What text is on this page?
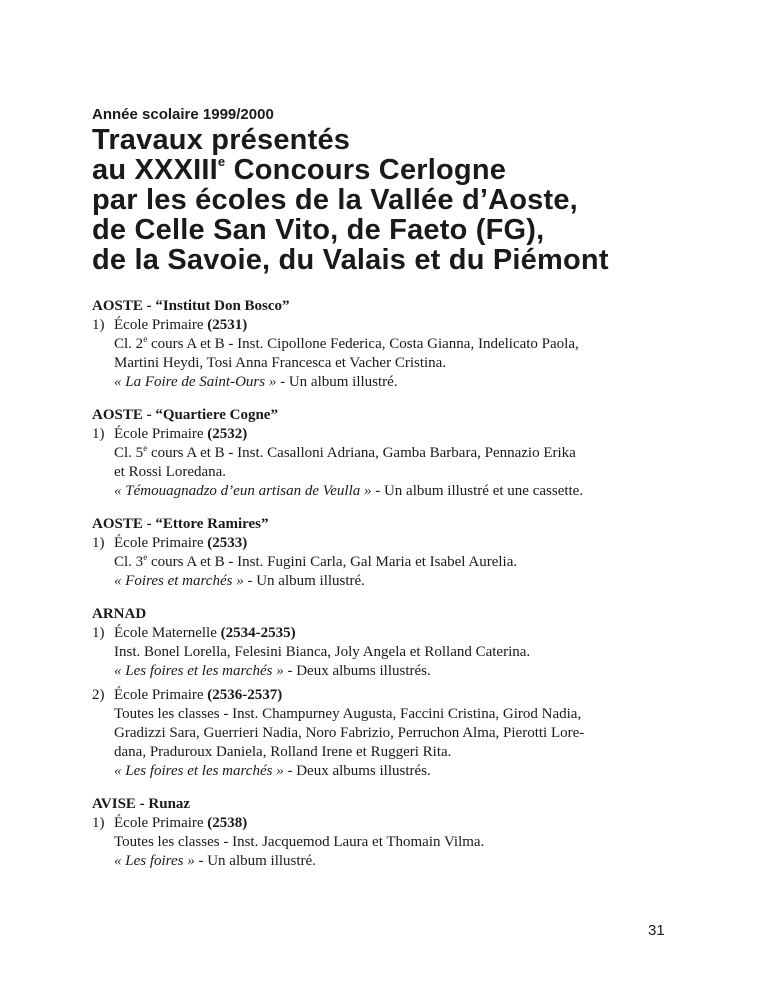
Année scolaire 1999/2000
Travaux présentés
au XXXIIIe Concours Cerlogne
par les écoles de la Vallée d’Aoste,
de Celle San Vito, de Faeto (FG),
de la Savoie, du Valais et du Piémont
AOSTE - “Institut Don Bosco”
1) École Primaire (2531)
Cl. 2e cours A et B - Inst. Cipollone Federica, Costa Gianna, Indelicato Paola,
Martini Heydi, Tosi Anna Francesca et Vacher Cristina.
« La Foire de Saint-Ours » - Un album illustré.
AOSTE - “Quartiere Cogne”
1) École Primaire (2532)
Cl. 5e cours A et B - Inst. Casalloni Adriana, Gamba Barbara, Pennazio Erika
et Rossi Loredana.
« Témouagnadzo d’eun artisan de Veulla » - Un album illustré et une cassette.
AOSTE - “Ettore Ramires”
1) École Primaire (2533)
Cl. 3e cours A et B - Inst. Fugini Carla, Gal Maria et Isabel Aurelia.
« Foires et marchés » - Un album illustré.
ARNAD
1) École Maternelle (2534-2535)
Inst. Bonel Lorella, Felesini Bianca, Joly Angela et Rolland Caterina.
« Les foires et les marchés » - Deux albums illustrés.
2) École Primaire (2536-2537)
Toutes les classes - Inst. Champurney Augusta, Faccini Cristina, Girod Nadia,
Gradizzi Sara, Guerrieri Nadia, Noro Fabrizio, Perruchon Alma, Pierotti Lore-
dana, Praduroux Daniela, Rolland Irene et Ruggeri Rita.
« Les foires et les marchés » - Deux albums illustrés.
AVISE - Runaz
1) École Primaire (2538)
Toutes les classes - Inst. Jacquemod Laura et Thomain Vilma.
« Les foires » - Un album illustré.
31
